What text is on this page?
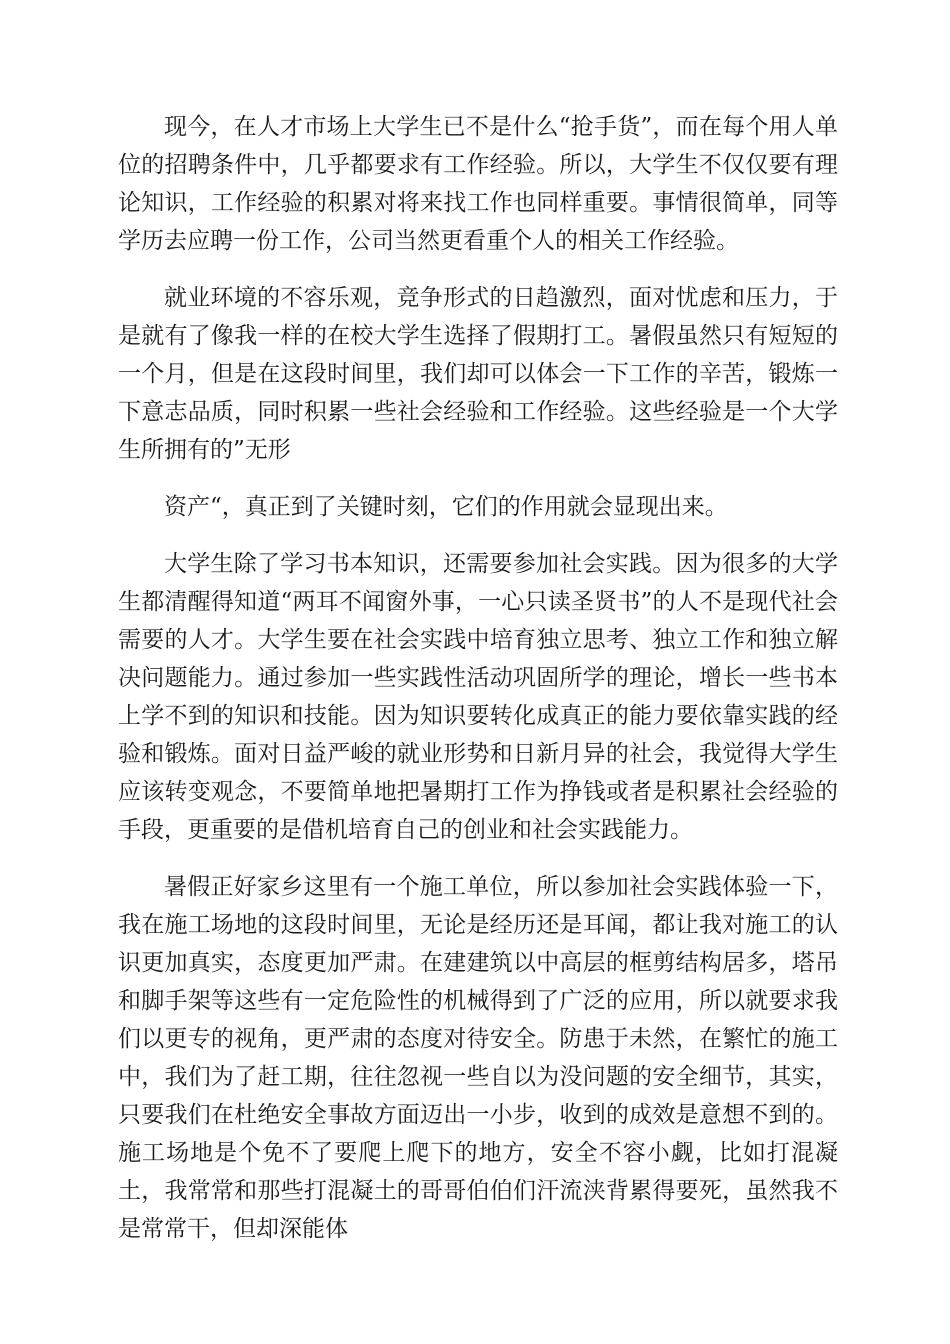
现今，在人才市场上大学生已不是什么“抢手货”，而在每个用人单位的招聘条件中，几乎都要求有工作经验。所以，大学生不仅仅要有理论知识，工作经验的积累对将来找工作也同样重要。事情很简单，同等学历去应聘一份工作，公司当然更看重个人的相关工作经验。

就业环境的不容乐观，竞争形式的日趋激烈，面对忧虑和压力，于是就有了像我一样的在校大学生选择了假期打工。暑假虽然只有短短的一个月，但是在这段时间里，我们却可以体会一下工作的辛苦，锻炼一下意志品质，同时积累一些社会经验和工作经验。这些经验是一个大学生所拥有的”无形

资产“，真正到了关键时刻，它们的作用就会显现出来。

大学生除了学习书本知识，还需要参加社会实践。因为很多的大学生都清醒得知道“两耳不闻窗外事，一心只读圣贤书”的人不是现代社会需要的人才。大学生要在社会实践中培育独立思考、独立工作和独立解决问题能力。通过参加一些实践性活动巩固所学的理论，增长一些书本上学不到的知识和技能。因为知识要转化成真正的能力要依靠实践的经验和锻炼。面对日益严峻的就业形势和日新月异的社会，我觉得大学生应该转变观念，不要简单地把暑期打工作为挣钱或者是积累社会经验的手段，更重要的是借机培育自己的创业和社会实践能力。

暑假正好家乡这里有一个施工单位，所以参加社会实践体验一下，我在施工场地的这段时间里，无论是经历还是耳闻，都让我对施工的认识更加真实，态度更加严肃。在建建筑以中高层的框剪结构居多，塔吊和脚手架等这些有一定危险性的机械得到了广泛的应用，所以就要求我们以更专的视角，更严肃的态度对待安全。防患于未然，在繁忙的施工中，我们为了赶工期，往往忽视一些自以为没问题的安全细节，其实，只要我们在杜绝安全事故方面迈出一小步，收到的成效是意想不到的。施工场地是个免不了要爬上爬下的地方，安全不容小觑，比如打混凝土，我常常和那些打混凝土的哥哥伯伯们汗流浃背累得要死，虽然我不是常常干，但却深能体
